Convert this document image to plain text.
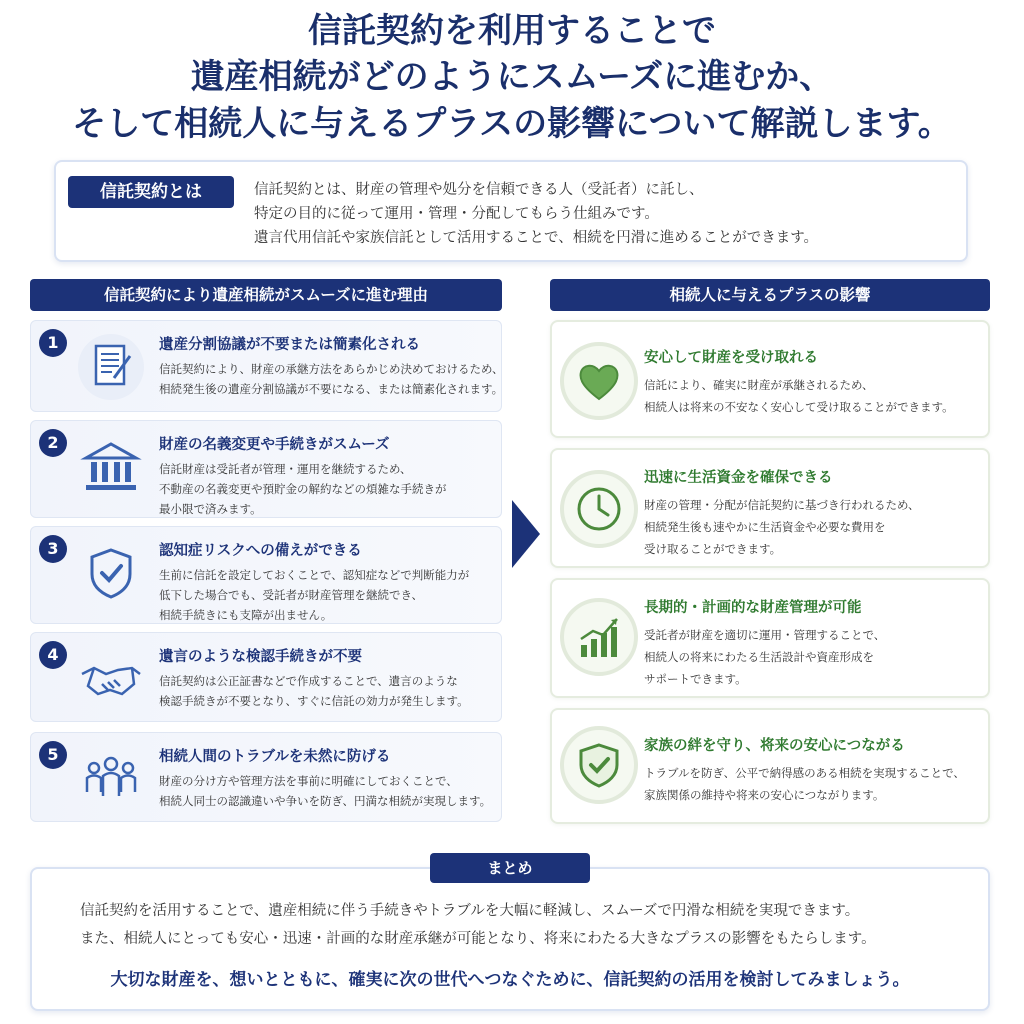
信託契約を利用することで
遺産相続がどのようにスムーズに進むか、
そして相続人に与えるプラスの影響について解説します。
信託契約とは	信託契約とは、財産の管理や処分を信頼できる人（受託者）に託し、
特定の目的に従って運用・管理・分配してもらう仕組みです。
遺言代用信託や家族信託として活用することで、相続を円滑に進めることができます。
信託契約により遺産相続がスムーズに進む理由	相続人に与えるプラスの影響
1	遺産分割協議が不要または簡素化される
信託契約により、財産の承継方法をあらかじめ決めておけるため、
相続発生後の遺産分割協議が不要になる、または簡素化されます。
2	財産の名義変更や手続きがスムーズ
信託財産は受託者が管理・運用を継続するため、
不動産の名義変更や預貯金の解約などの煩雑な手続きが
最小限で済みます。
3	認知症リスクへの備えができる
生前に信託を設定しておくことで、認知症などで判断能力が
低下した場合でも、受託者が財産管理を継続でき、
相続手続きにも支障が出ません。
4	遺言のような検認手続きが不要
信託契約は公正証書などで作成することで、遺言のような
検認手続きが不要となり、すぐに信託の効力が発生します。
5	相続人間のトラブルを未然に防げる
財産の分け方や管理方法を事前に明確にしておくことで、
相続人同士の認識違いや争いを防ぎ、円満な相続が実現します。
安心して財産を受け取れる
信託により、確実に財産が承継されるため、
相続人は将来の不安なく安心して受け取ることができます。
迅速に生活資金を確保できる
財産の管理・分配が信託契約に基づき行われるため、
相続発生後も速やかに生活資金や必要な費用を
受け取ることができます。
長期的・計画的な財産管理が可能
受託者が財産を適切に運用・管理することで、
相続人の将来にわたる生活設計や資産形成を
サポートできます。
家族の絆を守り、将来の安心につながる
トラブルを防ぎ、公平で納得感のある相続を実現することで、
家族関係の維持や将来の安心につながります。
信託契約を活用することで、遺産相続に伴う手続きやトラブルを大幅に軽減し、スムーズで円滑な相続を実現できます。
また、相続人にとっても安心・迅速・計画的な財産承継が可能となり、将来にわたる大きなプラスの影響をもたらします。
大切な財産を、想いとともに、確実に次の世代へつなぐために、信託契約の活用を検討してみましょう。
まとめ
